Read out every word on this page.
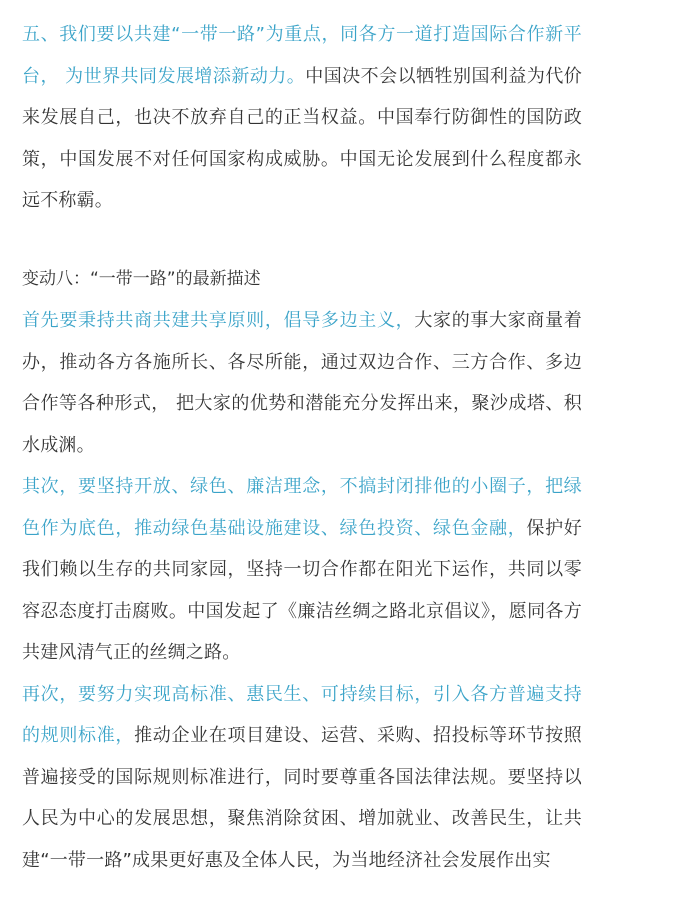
五、我们要以共建“一带一路”为重点，同各方一道打造国际合作新平台， 为世界共同发展增添新动力。中国决不会以牺牲别国利益为代价来发展自己，也决不放弃自己的正当权益。中国奉行防御性的国防政策，中国发展不对任何国家构成威胁。中国无论发展到什么程度都永远不称霸。

变动八：“一带一路”的最新描述

首先要秉持共商共建共享原则，倡导多边主义，大家的事大家商量着办，推动各方各施所长、各尽所能，通过双边合作、三方合作、多边合作等各种形式， 把大家的优势和潜能充分发挥出来，聚沙成塔、积水成渊。

其次，要坚持开放、绿色、廉洁理念，不搞封闭排他的小圈子，把绿色作为底色，推动绿色基础设施建设、绿色投资、绿色金融，保护好我们赖以生存的共同家园，坚持一切合作都在阳光下运作，共同以零容忍态度打击腐败。中国发起了《廉洁丝绸之路北京倡议》，愿同各方共建风清气正的丝绸之路。

再次，要努力实现高标准、惠民生、可持续目标，引入各方普遍支持的规则标准，推动企业在项目建设、运营、采购、招投标等环节按照普遍接受的国际规则标准进行，同时要尊重各国法律法规。要坚持以人民为中心的发展思想，聚焦消除贫困、增加就业、改善民生，让共建“一带一路”成果更好惠及全体人民，为当地经济社会发展作出实
